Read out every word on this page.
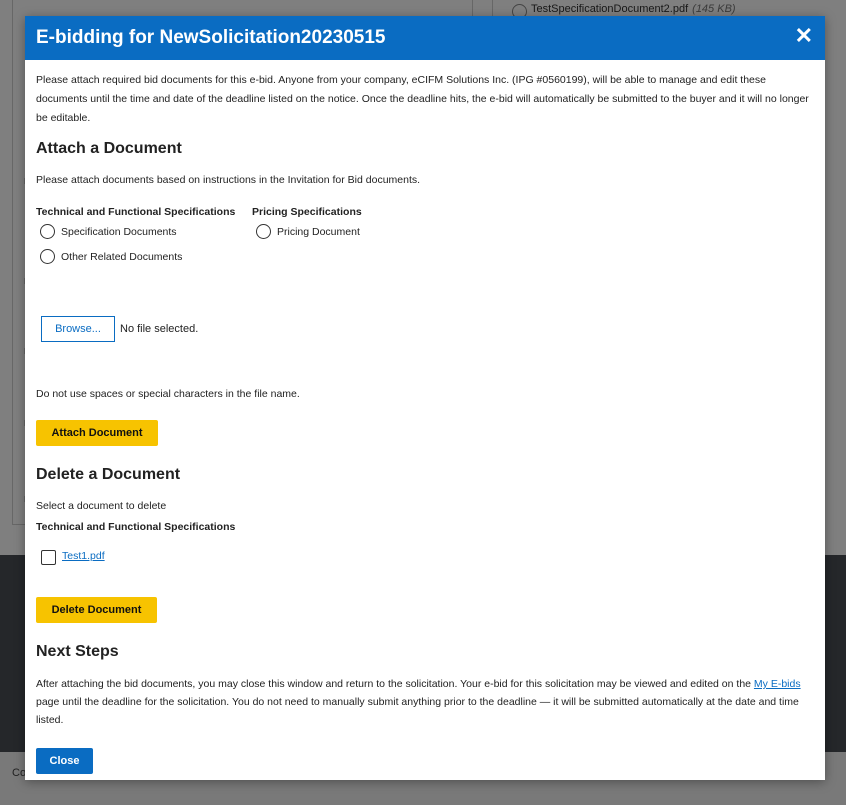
E-bidding for NewSolicitation20230515	✕

Please attach required bid documents for this e-bid. Anyone from your company, eCIFM Solutions Inc. (IPG #0560199), will be able to manage and edit these documents until the time and date of the deadline listed on the notice. Once the deadline hits, the e-bid will automatically be submitted to the buyer and it will no longer be editable.

Attach a Document

Please attach documents based on instructions in the Invitation for Bid documents.

Technical and Functional Specifications
Specification Documents
Other Related Documents
Pricing Specifications
Pricing Document
Browse...	No file selected.

Do not use spaces or special characters in the file name.

Attach Document
Delete a Document

Select a document to delete

Technical and Functional Specifications
Test1.pdf
Delete Document
Next Steps

After attaching the bid documents, you may close this window and return to the solicitation. Your e-bid for this solicitation may be viewed and edited on the My E-bids page until the deadline for the solicitation. You do not need to manually submit anything prior to the deadline — it will be submitted automatically at the date and time listed.

Close
